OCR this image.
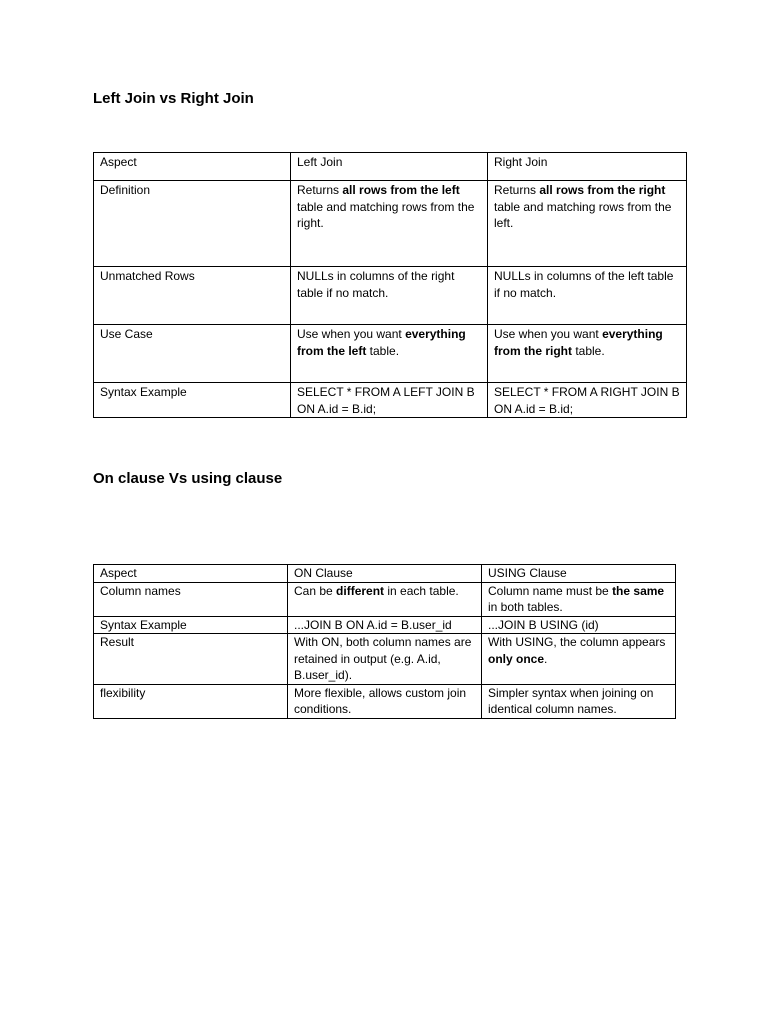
Left Join vs Right Join
Aspect	Left Join	Right Join
Definition	Returns all rows from the left table and matching rows from the right.	Returns all rows from the right table and matching rows from the left.
Unmatched Rows	NULLs in columns of the right table if no match.	NULLs in columns of the left table if no match.
Use Case	Use when you want everything from the left table.	Use when you want everything from the right table.
Syntax Example	SELECT * FROM A LEFT JOIN B ON A.id = B.id;	SELECT * FROM A RIGHT JOIN B ON A.id = B.id;
On clause Vs using clause
Aspect	ON Clause	USING Clause
Column names	Can be different in each table.	Column name must be the same in both tables.
Syntax Example	...JOIN B ON A.id = B.user_id	...JOIN B USING (id)
Result	With ON, both column names are retained in output (e.g. A.id, B.user_id).	With USING, the column appears only once.
flexibility	More flexible, allows custom join conditions.	Simpler syntax when joining on identical column names.
